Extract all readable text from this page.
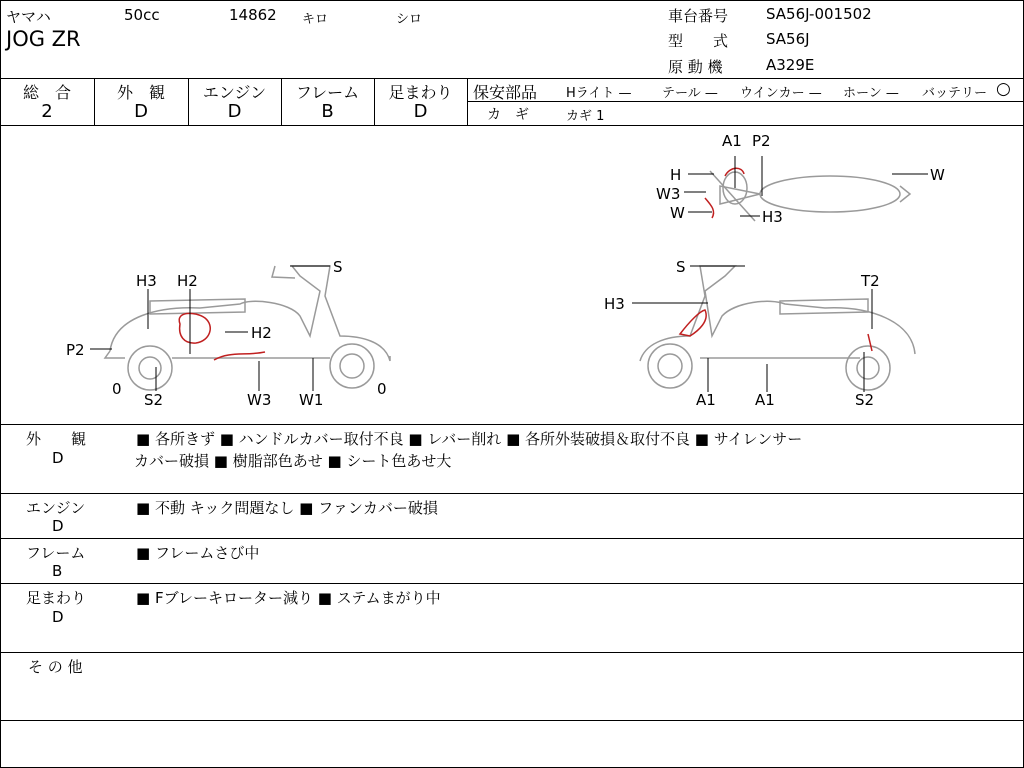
ヤマハ	50cc	14862 キロ	シロ
JOG ZR
車台番号	SA56J-001502
型　　式	SA56J
原 動 機	A329E
総　合
2
外　観
D
エンジン
D
フレーム
B
足まわり
D
保安部品 Hライト — テール — ウインカー — ホーン — バッテリー ○
カ　ギ	カギ 1
H3 H2
H2
S
P2
0
S2	W3 W1
0
S
T2
H3
A1	A1	S2
A1 P2
H
W3
W	H3
W
外　　観
D
■ 各所きず ■ ハンドルカバー取付不良 ■ レバー削れ ■ 各所外装破損＆取付不良 ■ サイレンサー
カバー破損 ■ 樹脂部色あせ ■ シート色あせ大
エンジン
D
■ 不動 キック問題なし ■ ファンカバー破損
フレーム
B
■ フレームさび中
足まわり
D
■ Fブレーキローター減り ■ ステムまがり中
そ の 他
